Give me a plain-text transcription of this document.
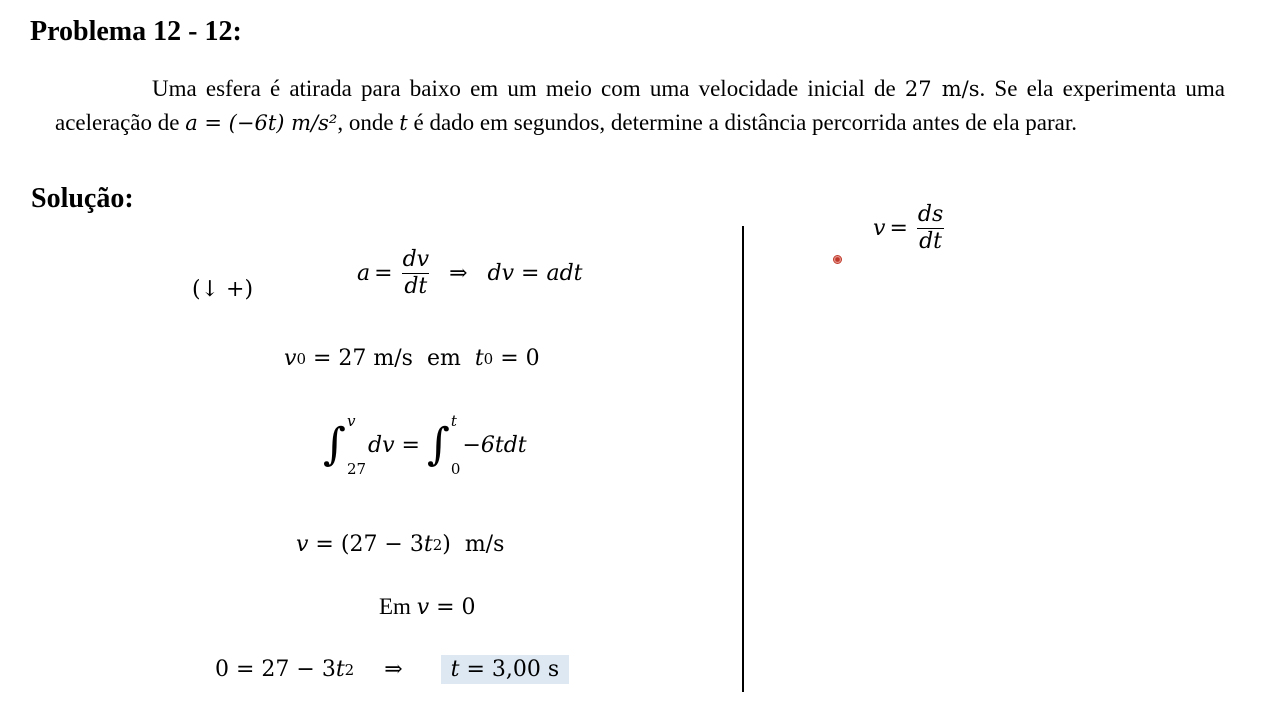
Problema 12 - 12:

Uma esfera é atirada para baixo em um meio com uma velocidade inicial de 27 m/s. Se ela experimenta uma aceleração de a = (−6t) m/s², onde t é dado em segundos, determine a distância percorrida antes de ela parar.

Solução:
(↓ +)
$a = \frac{dv}{dt}$ ⇒ dv = adt
v 0 = 27 m/s  em t 0 = 0
∫ v
27
dv = ∫ t
0
−6tdt
v = (27 − 3 t 2 )  m/s
Em v = 0
0 = 27 − 3 t 2 ⇒	t = 3,00 s
$v = \frac{ds}{dt}$
